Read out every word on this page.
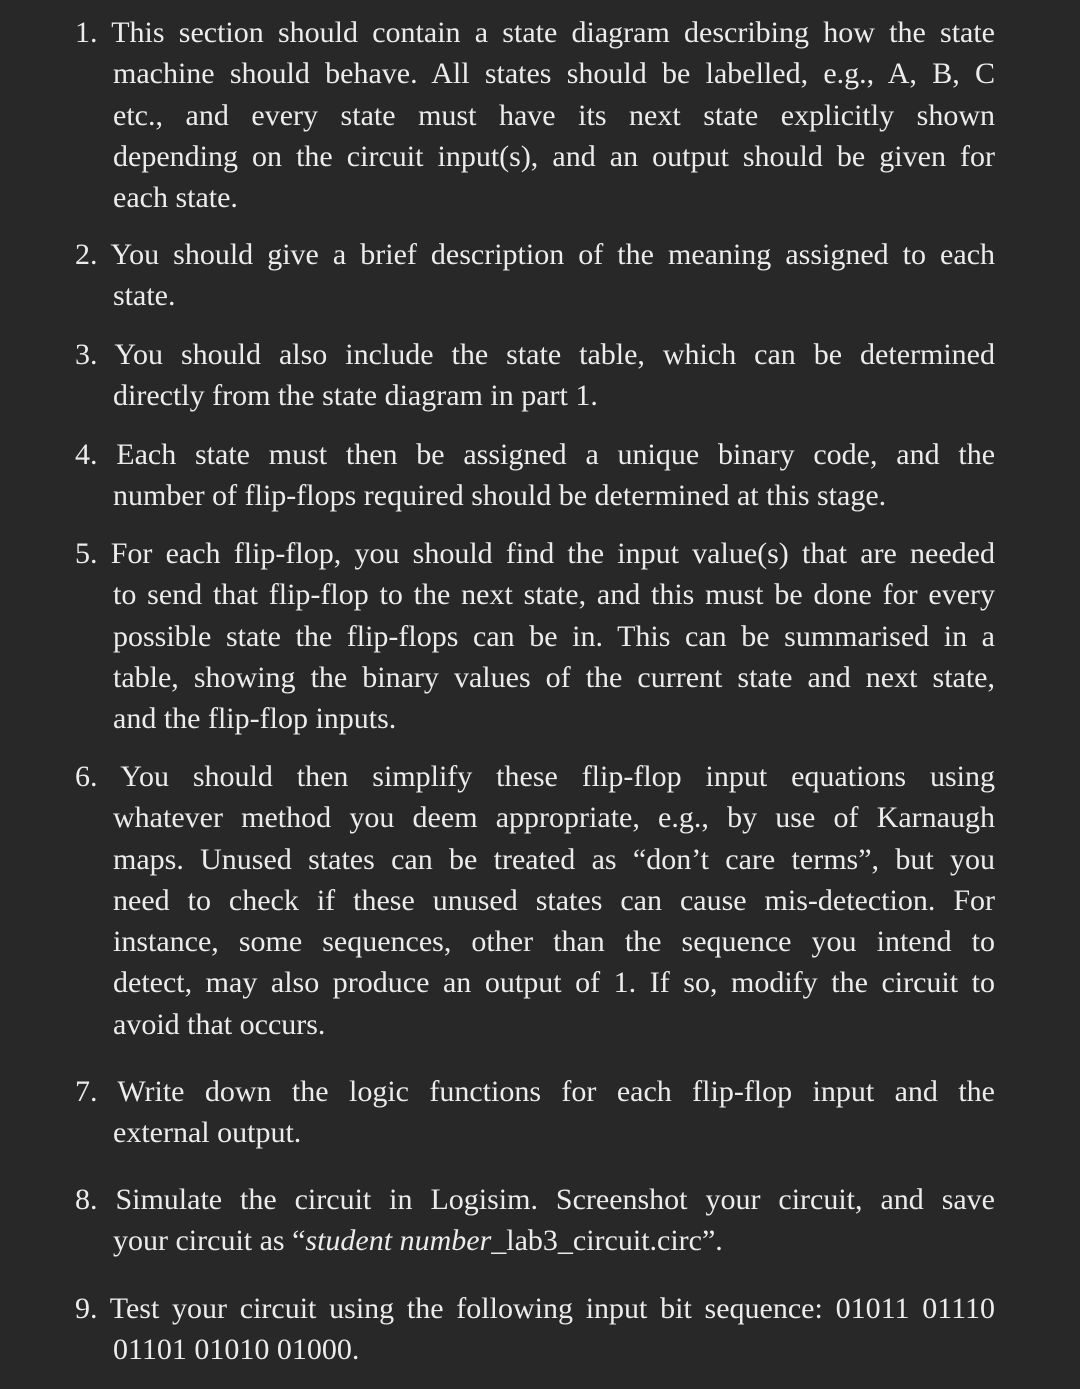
1. This section should contain a state diagram describing how the state
machine should behave. All states should be labelled, e.g., A, B, C
etc., and every state must have its next state explicitly shown
depending on the circuit input(s), and an output should be given for
each state.
2. You should give a brief description of the meaning assigned to each
state.
3. You should also include the state table, which can be determined
directly from the state diagram in part 1.
4. Each state must then be assigned a unique binary code, and the
number of flip-flops required should be determined at this stage.
5. For each flip-flop, you should find the input value(s) that are needed
to send that flip-flop to the next state, and this must be done for every
possible state the flip-flops can be in. This can be summarised in a
table, showing the binary values of the current state and next state,
and the flip-flop inputs.
6. You should then simplify these flip-flop input equations using
whatever method you deem appropriate, e.g., by use of Karnaugh
maps. Unused states can be treated as “don’t care terms”, but you
need to check if these unused states can cause mis-detection. For
instance, some sequences, other than the sequence you intend to
detect, may also produce an output of 1. If so, modify the circuit to
avoid that occurs.
7. Write down the logic functions for each flip-flop input and the
external output.
8. Simulate the circuit in Logisim. Screenshot your circuit, and save
your circuit as “student number_lab3_circuit.circ”.
9. Test your circuit using the following input bit sequence: 01011 01110
01101 01010 01000.
